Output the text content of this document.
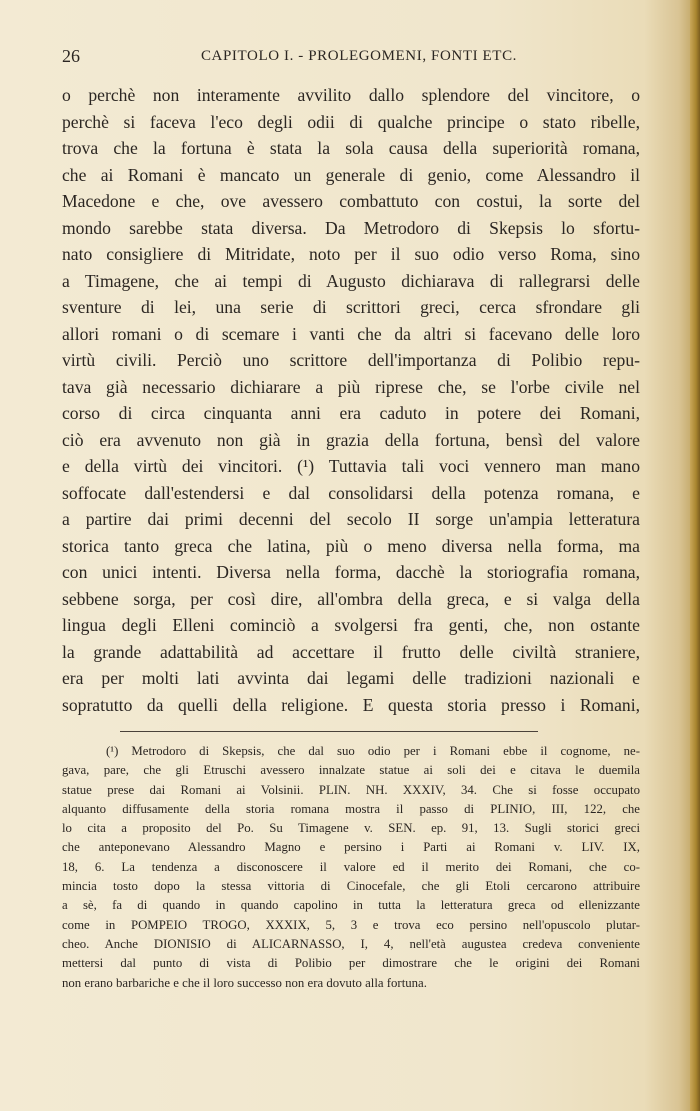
26	CAPITOLO I. - PROLEGOMENI, FONTI ETC.
o perchè non interamente avvilito dallo splendore del vincitore, o
perchè si faceva l'eco degli odii di qualche principe o stato ribelle,
trova che la fortuna è stata la sola causa della superiorità romana,
che ai Romani è mancato un generale di genio, come Alessandro il
Macedone e che, ove avessero combattuto con costui, la sorte del
mondo sarebbe stata diversa. Da Metrodoro di Skepsis lo sfortu-
nato consigliere di Mitridate, noto per il suo odio verso Roma, sino
a Timagene, che ai tempi di Augusto dichiarava di rallegrarsi delle
sventure di lei, una serie di scrittori greci, cerca sfrondare gli
allori romani o di scemare i vanti che da altri si facevano delle loro
virtù civili. Perciò uno scrittore dell'importanza di Polibio repu-
tava già necessario dichiarare a più riprese che, se l'orbe civile nel
corso di circa cinquanta anni era caduto in potere dei Romani,
ciò era avvenuto non già in grazia della fortuna, bensì del valore
e della virtù dei vincitori. (¹) Tuttavia tali voci vennero man mano
soffocate dall'estendersi e dal consolidarsi della potenza romana, e
a partire dai primi decenni del secolo II sorge un'ampia letteratura
storica tanto greca che latina, più o meno diversa nella forma, ma
con unici intenti. Diversa nella forma, dacchè la storiografia romana,
sebbene sorga, per così dire, all'ombra della greca, e si valga della
lingua degli Elleni cominciò a svolgersi fra genti, che, non ostante
la grande adattabilità ad accettare il frutto delle civiltà straniere,
era per molti lati avvinta dai legami delle tradizioni nazionali e
sopratutto da quelli della religione. E questa storia presso i Romani,
(¹) Metrodoro di Skepsis, che dal suo odio per i Romani ebbe il cognome, ne-
gava, pare, che gli Etruschi avessero innalzate statue ai soli dei e citava le duemila
statue prese dai Romani ai Volsinii. PLIN. NH. XXXIV, 34. Che si fosse occupato
alquanto diffusamente della storia romana mostra il passo di PLINIO, III, 122, che
lo cita a proposito del Po. Su Timagene v. SEN. ep. 91, 13. Sugli storici greci
che anteponevano Alessandro Magno e persino i Parti ai Romani v. LIV. IX,
18, 6. La tendenza a disconoscere il valore ed il merito dei Romani, che co-
mincia tosto dopo la stessa vittoria di Cinocefale, che gli Etoli cercarono attribuire
a sè, fa di quando in quando capolino in tutta la letteratura greca od ellenizzante
come in POMPEIO TROGO, XXXIX, 5, 3 e trova eco persino nell'opuscolo plutar-
cheo. Anche DIONISIO di ALICARNASSO, I, 4, nell'età augustea credeva conveniente
mettersi dal punto di vista di Polibio per dimostrare che le origini dei Romani
non erano barbariche e che il loro successo non era dovuto alla fortuna.
